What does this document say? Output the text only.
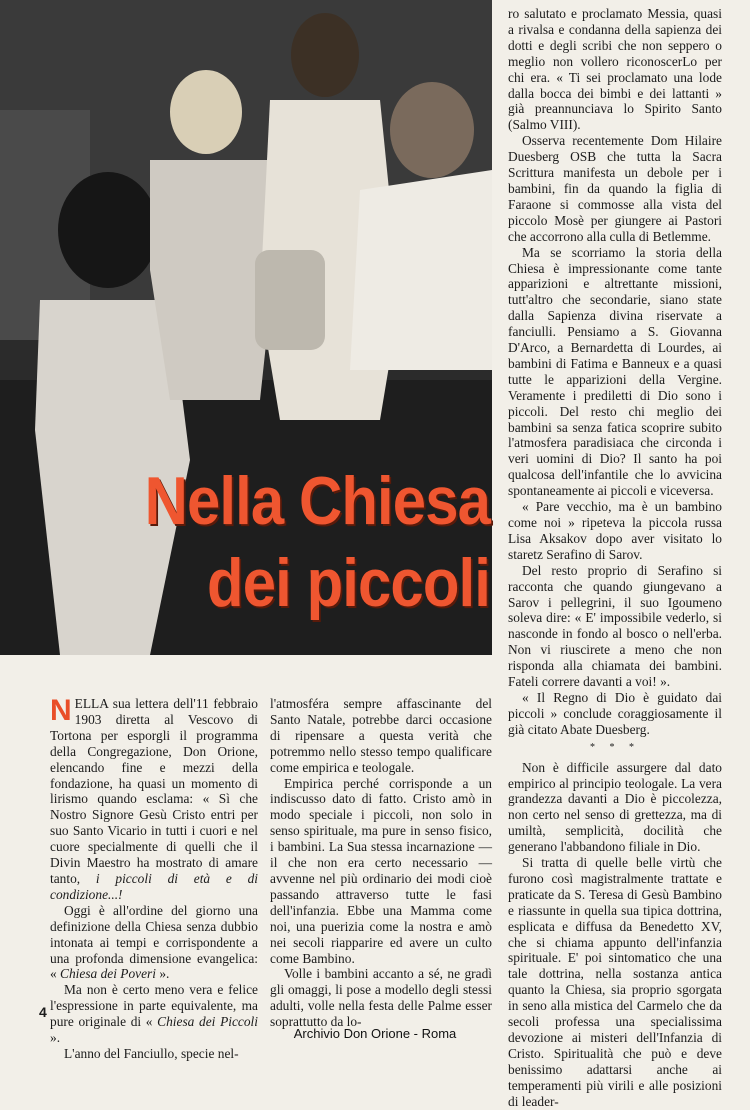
Nella Chiesa
dei piccoli

ro salutato e proclamato Messia, quasi a rivalsa e condanna della sapienza dei dotti e degli scribi che non seppero o meglio non vollero riconoscerLo per chi era. « Ti sei proclamato una lode dalla bocca dei bimbi e dei lattanti » già preannunciava lo Spirito Santo (Salmo VIII).

Osserva recentemente Dom Hilaire Duesberg OSB che tutta la Sacra Scrittura manifesta un debole per i bambini, fin da quando la figlia di Faraone si commosse alla vista del piccolo Mosè per giungere ai Pastori che accorrono alla culla di Betlemme.

Ma se scorriamo la storia della Chiesa è impressionante come tante apparizioni e altrettante missioni, tutt'altro che secondarie, siano state dalla Sapienza divina riservate a fanciulli. Pensiamo a S. Giovanna D'Arco, a Bernardetta di Lourdes, ai bambini di Fatima e Banneux e a quasi tutte le apparizioni della Vergine. Veramente i prediletti di Dio sono i piccoli. Del resto chi meglio dei bambini sa senza fatica scoprire subito l'atmosfera paradisiaca che circonda i veri uomini di Dio? Il santo ha poi qualcosa dell'infantile che lo avvicina spontaneamente ai piccoli e viceversa.

« Pare vecchio, ma è un bambino come noi » ripeteva la piccola russa Lisa Aksakov dopo aver visitato lo staretz Serafino di Sarov.

Del resto proprio di Serafino si racconta che quando giungevano a Sarov i pellegrini, il suo Igoumeno soleva dire: « E' impossibile vederlo, si nasconde in fondo al bosco o nell'erba. Non vi riuscirete a meno che non risponda alla chiamata dei bambini. Fateli correre davanti a voi! ».

« Il Regno di Dio è guidato dai piccoli » conclude coraggiosamente il già citato Abate Duesberg.

* * *

Non è difficile assurgere dal dato empirico al principio teologale. La vera grandezza davanti a Dio è piccolezza, non certo nel senso di grettezza, ma di umiltà, semplicità, docilità che generano l'abbandono filiale in Dio.

Si tratta di quelle belle virtù che furono così magistralmente trattate e praticate da S. Teresa di Gesù Bambino e riassunte in quella sua tipica dottrina, esplicata e diffusa da Benedetto XV, che si chiama appunto dell'infanzia spirituale. E' poi sintomatico che una tale dottrina, nella sostanza antica quanto la Chiesa, sia proprio sgorgata in seno alla mistica del Carmelo che da secoli professa una specialissima devozione ai misteri dell'Infanzia di Cristo. Spiritualità che può e deve benissimo adattarsi anche ai temperamenti più virili e alle posizioni di leader-

NELLA sua lettera dell'11 febbraio 1903 diretta al Vescovo di Tortona per esporgli il programma della Congregazione, Don Orione, elencando fine e mezzi della fondazione, ha quasi un momento di lirismo quando esclama: « Sì che Nostro Signore Gesù Cristo entri per suo Santo Vicario in tutti i cuori e nel cuore specialmente di quelli che il Divin Maestro ha mostrato di amare tanto, i piccoli di età e di condizione...!

Oggi è all'ordine del giorno una definizione della Chiesa senza dubbio intonata ai tempi e corrispondente a una profonda dimensione evangelica: « Chiesa dei Poveri ».

Ma non è certo meno vera e felice l'espressione in parte equivalente, ma pure originale di « Chiesa dei Piccoli ».

L'anno del Fanciullo, specie nel-

l'atmosféra sempre affascinante del Santo Natale, potrebbe darci occasione di ripensare a questa verità che potremmo nello stesso tempo qualificare come empirica e teologale.

Empirica perché corrisponde a un indiscusso dato di fatto. Cristo amò in modo speciale i piccoli, non solo in senso spirituale, ma pure in senso fisico, i bambini. La Sua stessa incarnazione — il che non era certo necessario — avvenne nel più ordinario dei modi cioè passando attraverso tutte le fasi dell'infanzia. Ebbe una Mamma come noi, una puerizia come la nostra e amò nei secoli riapparire ed avere un culto come Bambino.

Volle i bambini accanto a sé, ne gradì gli omaggi, li pose a modello degli stessi adulti, volle nella festa delle Palme esser soprattutto da lo-

4
Archivio Don Orione - Roma
